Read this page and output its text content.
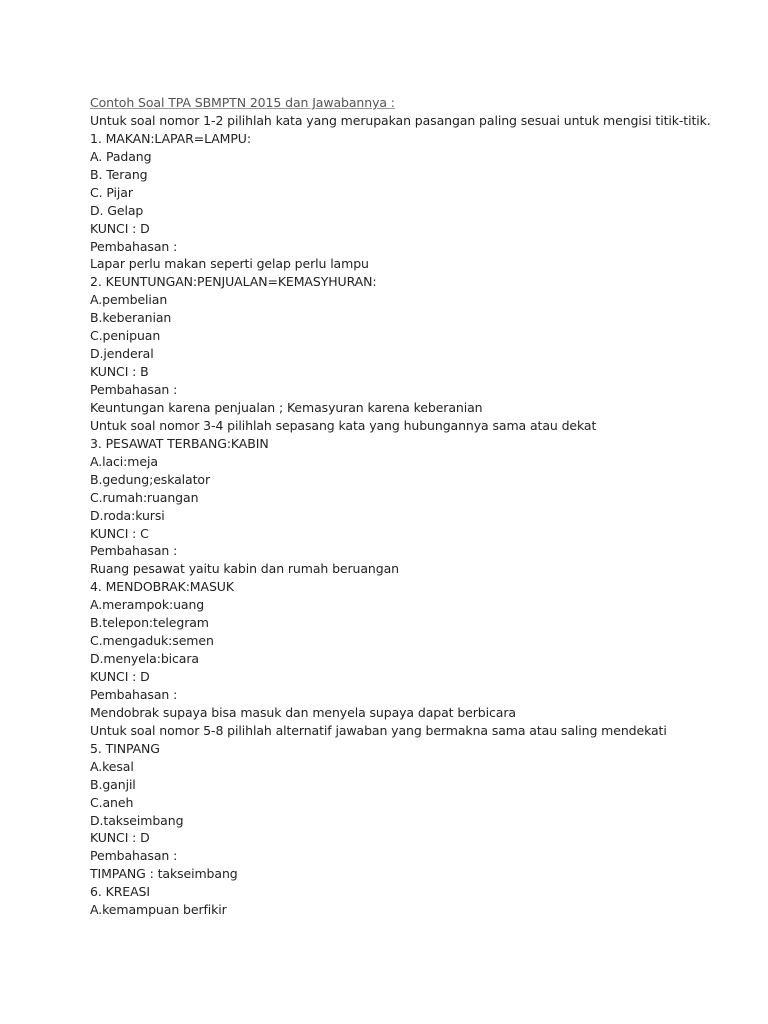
Contoh Soal TPA SBMPTN 2015 dan Jawabannya :
Untuk soal nomor 1-2 pilihlah kata yang merupakan pasangan paling sesuai untuk mengisi titik-titik.
1. MAKAN:LAPAR=LAMPU:
A. Padang
B. Terang
C. Pijar
D. Gelap
KUNCI : D
Pembahasan :
Lapar perlu makan seperti gelap perlu lampu
2. KEUNTUNGAN:PENJUALAN=KEMASYHURAN:
A.pembelian
B.keberanian
C.penipuan
D.jenderal
KUNCI : B
Pembahasan :
Keuntungan karena penjualan ; Kemasyuran karena keberanian
Untuk soal nomor 3-4 pilihlah sepasang kata yang hubungannya sama atau dekat
3. PESAWAT TERBANG:KABIN
A.laci:meja
B.gedung;eskalator
C.rumah:ruangan
D.roda:kursi
KUNCI : C
Pembahasan :
Ruang pesawat yaitu kabin dan rumah beruangan
4. MENDOBRAK:MASUK
A.merampok:uang
B.telepon:telegram
C.mengaduk:semen
D.menyela:bicara
KUNCI : D
Pembahasan :
Mendobrak supaya bisa masuk dan menyela supaya dapat berbicara
Untuk soal nomor 5-8 pilihlah alternatif jawaban yang bermakna sama atau saling mendekati
5. TINPANG
A.kesal
B.ganjil
C.aneh
D.takseimbang
KUNCI : D
Pembahasan :
TIMPANG : takseimbang
6. KREASI
A.kemampuan berfikir
